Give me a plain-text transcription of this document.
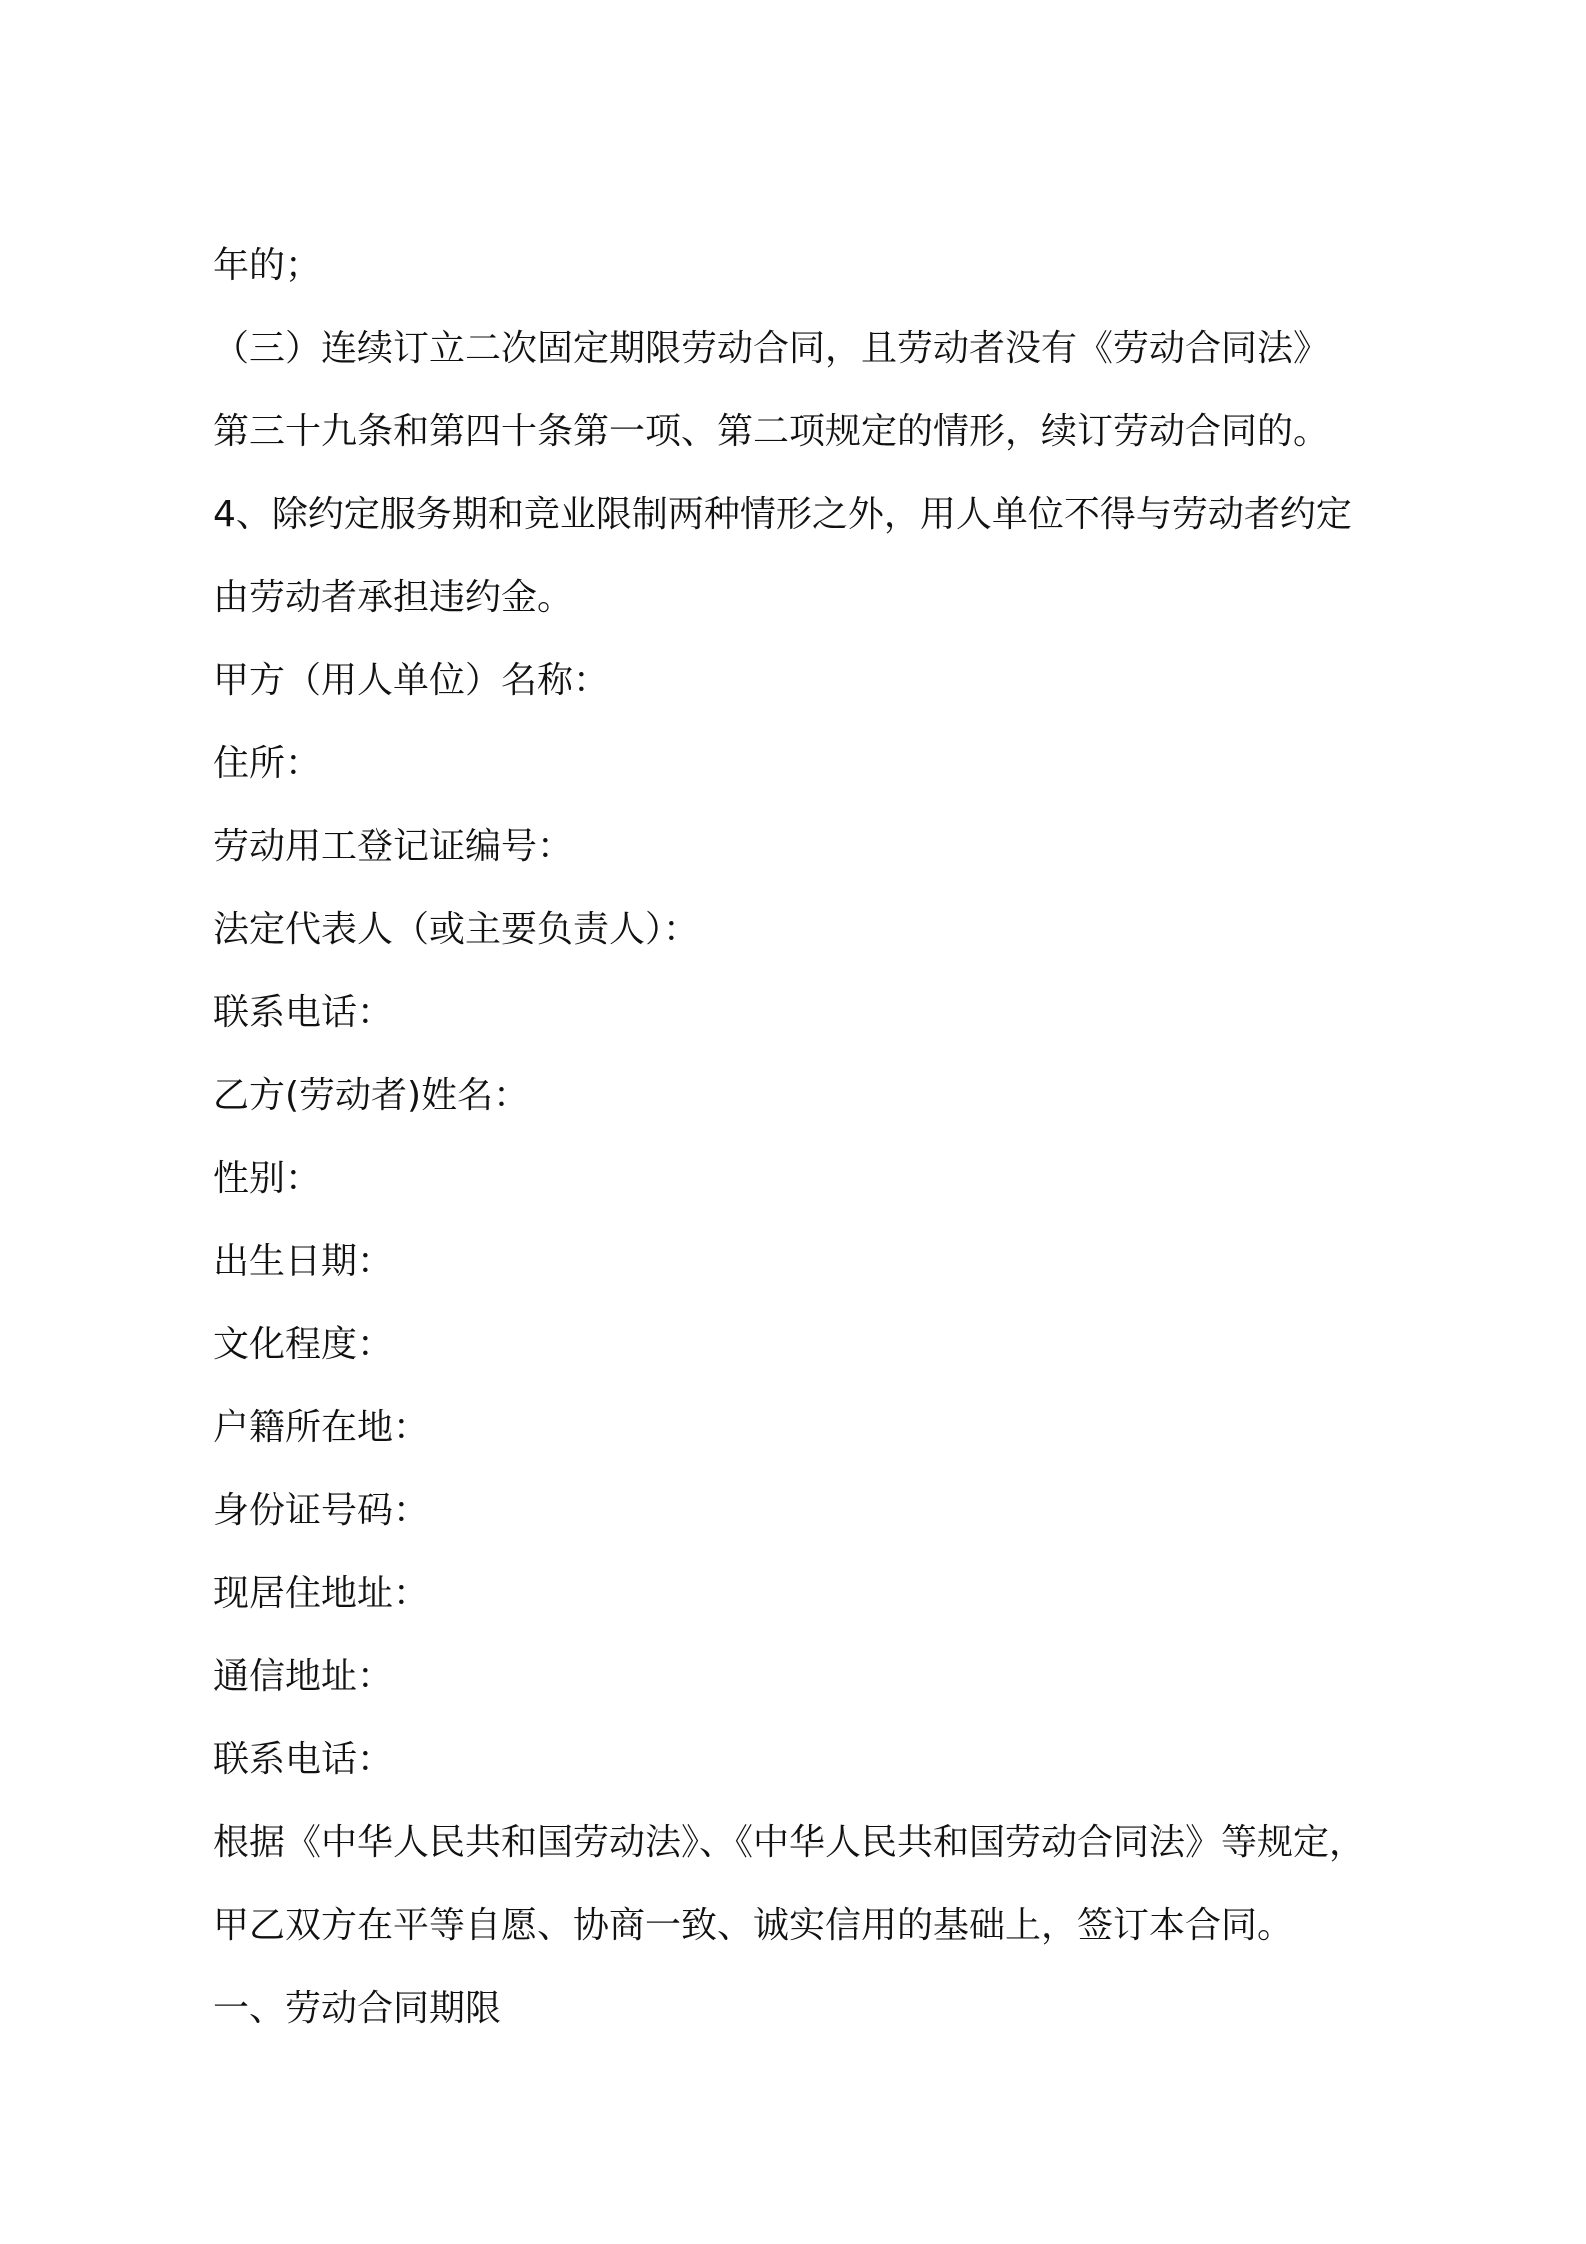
年的；
（三）连续订立二次固定期限劳动合同，且劳动者没有《劳动合同法》
第三十九条和第四十条第一项、第二项规定的情形，续订劳动合同的。
4、除约定服务期和竞业限制两种情形之外，用人单位不得与劳动者约定
由劳动者承担违约金。
甲方（用人单位）名称：
住所：
劳动用工登记证编号：
法定代表人（或主要负责人）：
联系电话：
乙方(劳动者)姓名：
性别：
出生日期：
文化程度：
户籍所在地：
身份证号码：
现居住地址：
通信地址：
联系电话：
根据《中华人民共和国劳动法》、《中华人民共和国劳动合同法》等规定，
甲乙双方在平等自愿、协商一致、诚实信用的基础上，签订本合同。
一、劳动合同期限
